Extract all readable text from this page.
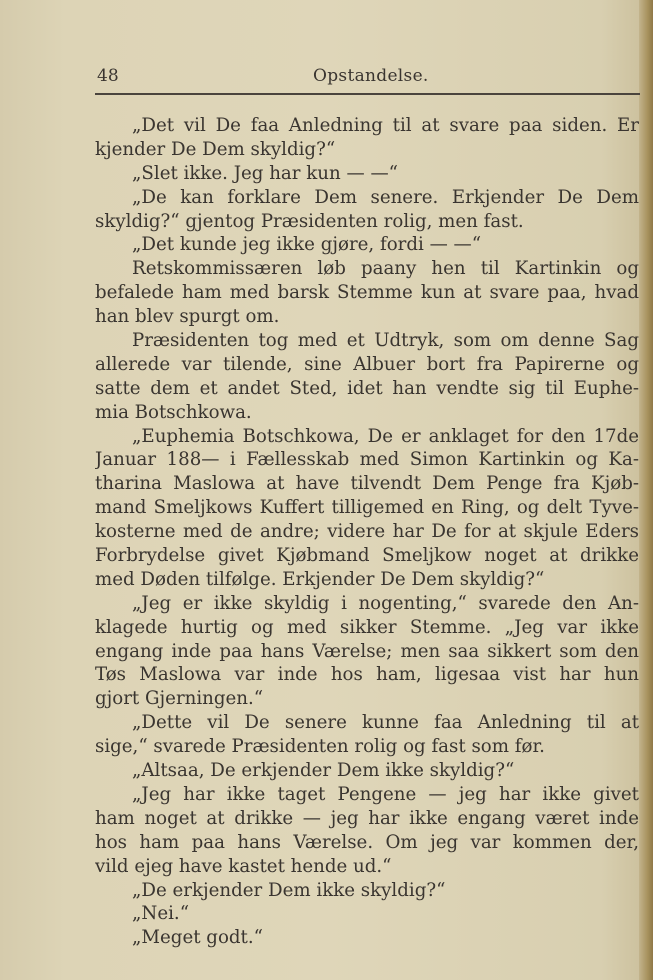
48	Opstandelse.
„Det vil De faa Anledning til at svare paa siden. Er
kjender De Dem skyldig?“
„Slet ikke. Jeg har kun — —“
„De kan forklare Dem senere. Erkjender De Dem
skyldig?“ gjentog Præsidenten rolig, men fast.
„Det kunde jeg ikke gjøre, fordi — —“
Retskommissæren løb paany hen til Kartinkin og
befalede ham med barsk Stemme kun at svare paa, hvad
han blev spurgt om.
Præsidenten tog med et Udtryk, som om denne Sag
allerede var tilende, sine Albuer bort fra Papirerne og
satte dem et andet Sted, idet han vendte sig til Euphe-
mia Botschkowa.
„Euphemia Botschkowa, De er anklaget for den 17de
Januar 188— i Fællesskab med Simon Kartinkin og Ka-
tharina Maslowa at have tilvendt Dem Penge fra Kjøb-
mand Smeljkows Kuffert tilligemed en Ring, og delt Tyve-
kosterne med de andre; videre har De for at skjule Eders
Forbrydelse givet Kjøbmand Smeljkow noget at drikke
med Døden tilfølge. Erkjender De Dem skyldig?“
„Jeg er ikke skyldig i nogenting,“ svarede den An-
klagede hurtig og med sikker Stemme. „Jeg var ikke
engang inde paa hans Værelse; men saa sikkert som den
Tøs Maslowa var inde hos ham, ligesaa vist har hun
gjort Gjerningen.“
„Dette vil De senere kunne faa Anledning til at
sige,“ svarede Præsidenten rolig og fast som før.
„Altsaa, De erkjender Dem ikke skyldig?“
„Jeg har ikke taget Pengene — jeg har ikke givet
ham noget at drikke — jeg har ikke engang været inde
hos ham paa hans Værelse. Om jeg var kommen der,
vild ejeg have kastet hende ud.“
„De erkjender Dem ikke skyldig?“
„Nei.“
„Meget godt.“
